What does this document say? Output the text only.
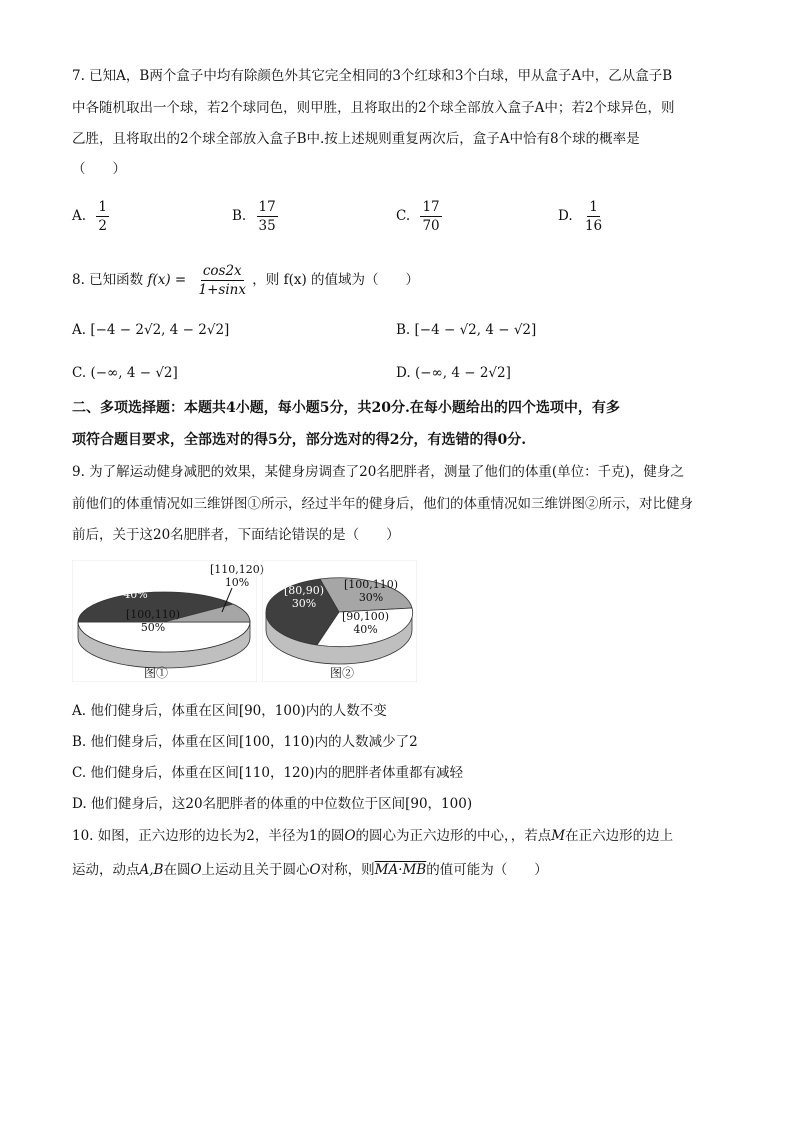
7. 已知A，B两个盒子中均有除颜色外其它完全相同的3个红球和3个白球，甲从盒子A中，乙从盒子B
中各随机取出一个球，若2个球同色，则甲胜，且将取出的2个球全部放入盒子A中；若2个球异色，则
乙胜，且将取出的2个球全部放入盒子B中.按上述规则重复两次后，盒子A中恰有8个球的概率是
（　　）
A. $\frac{1}{2}$	B. $\frac{17}{35}$	C. $\frac{17}{70}$	D. $\frac{1}{16}$
8. 已知函数 $f(x) = \frac{\cos 2x}{1+\sin x}$ ，则 f(x) 的值域为（　　）
A. [−4 − 2√2, 4 − 2√2]	B. [−4 − √2, 4 − √2]
C. (−∞, 4 − √2]	D. (−∞, 4 − 2√2]
二、多项选择题：本题共4小题，每小题5分，共20分.在每小题给出的四个选项中，有多
项符合题目要求，全部选对的得5分，部分选对的得2分，有选错的得0分.
9. 为了解运动健身减肥的效果，某健身房调查了20名肥胖者，测量了他们的体重(单位：千克)，健身之
前他们的体重情况如三维饼图①所示，经过半年的健身后，他们的体重情况如三维饼图②所示，对比健身
前后，关于这20名肥胖者，下面结论错误的是（　　）
[90,100)
40%
[110,120)
10%
[100,110)
50%
图①
[80,90)
30%
[100,110)
30%
[90,100)
40%
图②
A. 他们健身后，体重在区间[90，100)内的人数不变
B. 他们健身后，体重在区间[100，110)内的人数减少了2
C. 他们健身后，体重在区间[110，120)内的肥胖者体重都有减轻
D. 他们健身后，这20名肥胖者的体重的中位数位于区间[90，100)
10. 如图，正六边形的边长为2，半径为1的圆O的圆心为正六边形的中心，，若点M在正六边形的边上
运动，动点A,B在圆O上运动且关于圆心O对称，则MA·MB的值可能为（　　）
